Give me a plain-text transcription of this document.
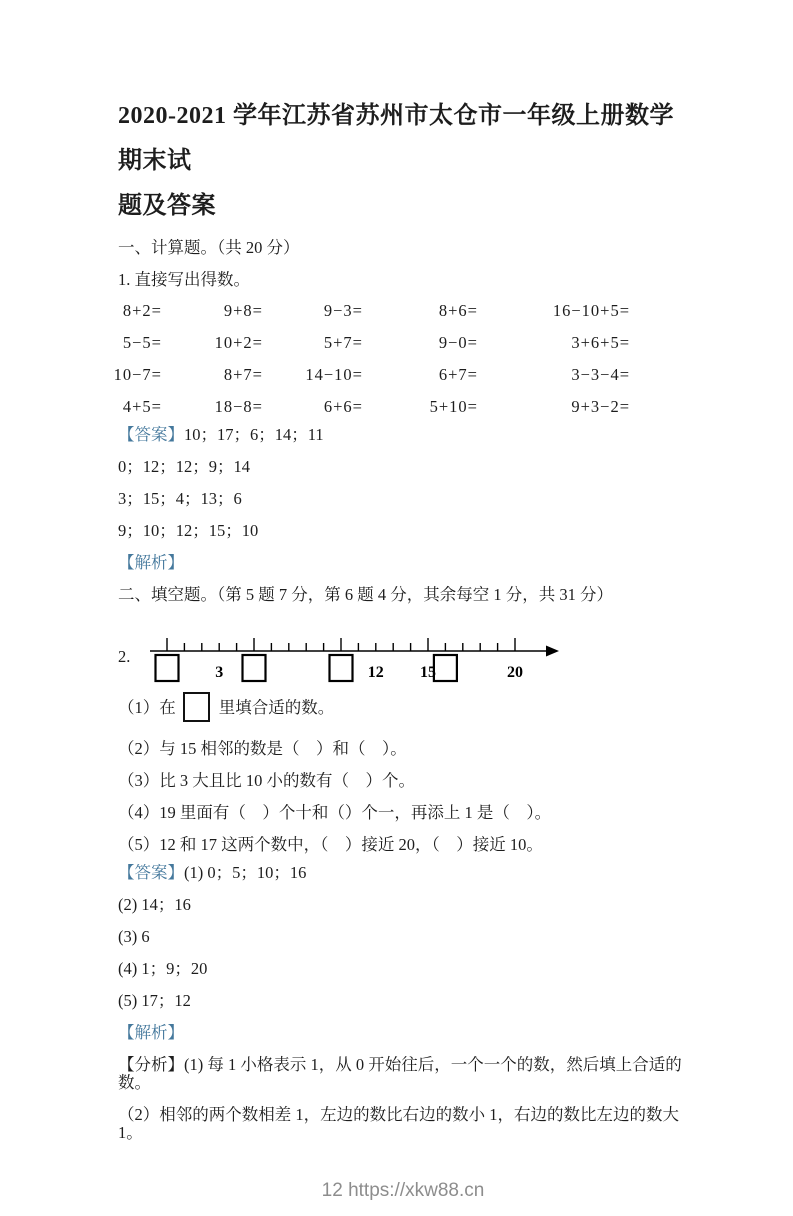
2020-2021 学年江苏省苏州市太仓市一年级上册数学期末试
题及答案

一、计算题。（共 20 分）

1. 直接写出得数。

8+2=	9+8=	9−3=	8+6=	16−10+5=
5−5=	10+2=	5+7=	9−0=	3+6+5=
10−7=	8+7=	14−10=	6+7=	3−3−4=
4+5=	18−8=	6+6=	5+10=	9+3−2=

【答案】10；17；6；14；11

0；12；12；9；14

3；15；4；13；6

9；10；12；15；10

【解析】

二、填空题。（第 5 题 7 分，第 6 题 4 分，其余每空 1 分，共 31 分）

2.
3	12 15	20

（1）在	里填合适的数。

（2）与 15 相邻的数是（　）和（　）。

（3）比 3 大且比 10 小的数有（　）个。

（4）19 里面有（　）个十和（）个一，再添上 1 是（　）。

（5）12 和 17 这两个数中，（　）接近 20，（　）接近 10。

【答案】(1) 0；5；10；16

(2) 14；16

(3) 6

(4) 1；9；20

(5) 17；12

【解析】

【分析】(1) 每 1 小格表示 1，从 0 开始往后，一个一个的数，然后填上合适的数。

（2）相邻的两个数相差 1，左边的数比右边的数小 1，右边的数比左边的数大 1。

12 https://xkw88.cn
